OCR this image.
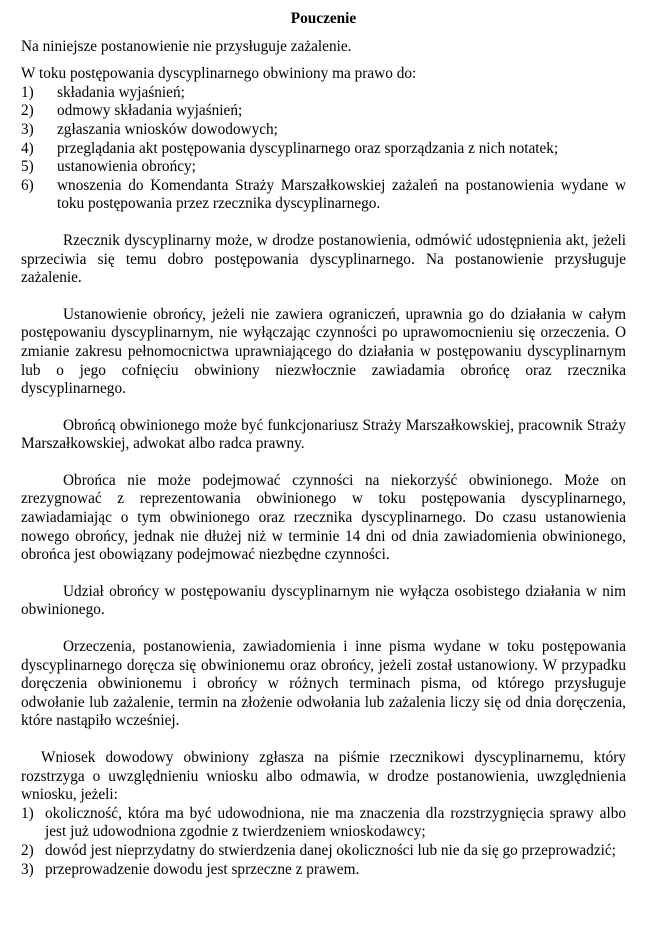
Pouczenie

Na niniejsze postanowienie nie przysługuje zażalenie.

W toku postępowania dyscyplinarnego obwiniony ma prawo do:

1) składania wyjaśnień;
2) odmowy składania wyjaśnień;
3) zgłaszania wniosków dowodowych;
4) przeglądania akt postępowania dyscyplinarnego oraz sporządzania z nich notatek;
5) ustanowienia obrońcy;
6) wnoszenia do Komendanta Straży Marszałkowskiej zażaleń na postanowienia wydane w toku postępowania przez rzecznika dyscyplinarnego.

Rzecznik dyscyplinarny może, w drodze postanowienia, odmówić udostępnienia akt, jeżeli sprzeciwia się temu dobro postępowania dyscyplinarnego. Na postanowienie przysługuje zażalenie.

Ustanowienie obrońcy, jeżeli nie zawiera ograniczeń, uprawnia go do działania w całym postępowaniu dyscyplinarnym, nie wyłączając czynności po uprawomocnieniu się orzeczenia. O zmianie zakresu pełnomocnictwa uprawniającego do działania w postępowaniu dyscyplinarnym lub o jego cofnięciu obwiniony niezwłocznie zawiadamia obrońcę oraz rzecznika dyscyplinarnego.

Obrońcą obwinionego może być funkcjonariusz Straży Marszałkowskiej, pracownik Straży Marszałkowskiej, adwokat albo radca prawny.

Obrońca nie może podejmować czynności na niekorzyść obwinionego. Może on zrezygnować z reprezentowania obwinionego w toku postępowania dyscyplinarnego, zawiadamiając o tym obwinionego oraz rzecznika dyscyplinarnego. Do czasu ustanowienia nowego obrońcy, jednak nie dłużej niż w terminie 14 dni od dnia zawiadomienia obwinionego, obrońca jest obowiązany podejmować niezbędne czynności.

Udział obrońcy w postępowaniu dyscyplinarnym nie wyłącza osobistego działania w nim obwinionego.

Orzeczenia, postanowienia, zawiadomienia i inne pisma wydane w toku postępowania dyscyplinarnego doręcza się obwinionemu oraz obrońcy, jeżeli został ustanowiony. W przypadku doręczenia obwinionemu i obrońcy w różnych terminach pisma, od którego przysługuje odwołanie lub zażalenie, termin na złożenie odwołania lub zażalenia liczy się od dnia doręczenia, które nastąpiło wcześniej.

Wniosek dowodowy obwiniony zgłasza na piśmie rzecznikowi dyscyplinarnemu, który rozstrzyga o uwzględnieniu wniosku albo odmawia, w drodze postanowienia, uwzględnienia wniosku, jeżeli:

1) okoliczność, która ma być udowodniona, nie ma znaczenia dla rozstrzygnięcia sprawy albo jest już udowodniona zgodnie z twierdzeniem wnioskodawcy;
2) dowód jest nieprzydatny do stwierdzenia danej okoliczności lub nie da się go przeprowadzić;
3) przeprowadzenie dowodu jest sprzeczne z prawem.
